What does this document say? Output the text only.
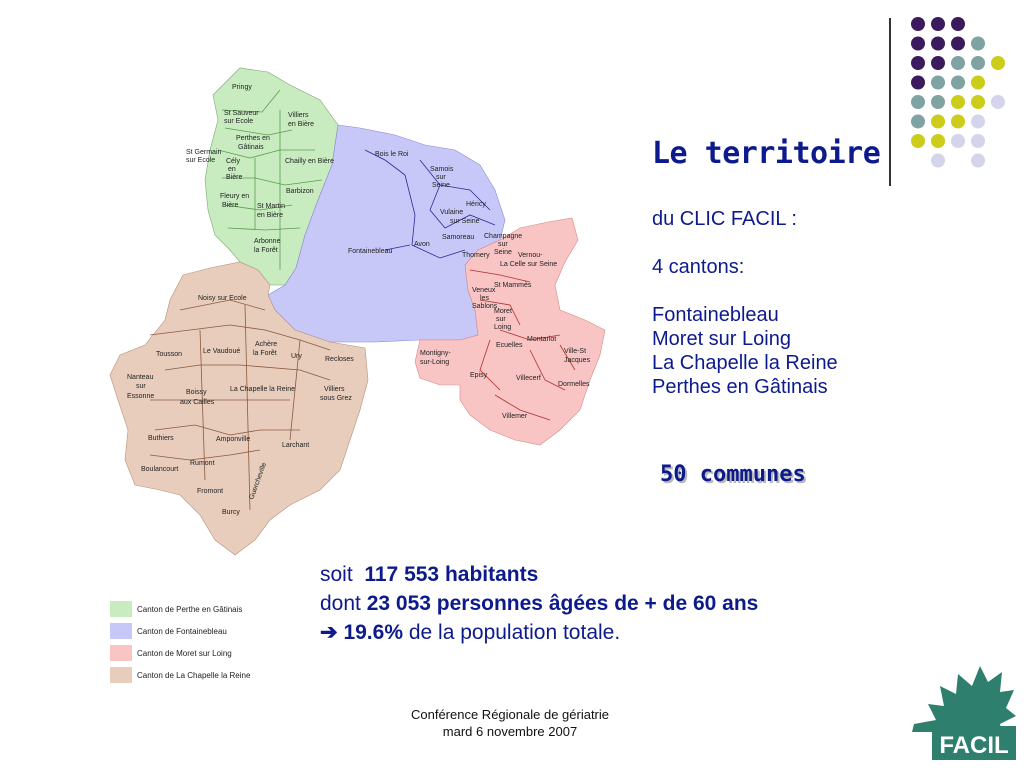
Le territoire
du CLIC FACIL :
4 cantons:
Fontainebleau
Moret sur Loing
La Chapelle la Reine
Perthes en Gâtinais
50 communes
soit 117 553 habitants
dont 23 053 personnes âgées de + de 60 ans
➔ 19.6% de la population totale.
Pringy
St Sauveur
sur Ecole
Villiers
en Bière
Perthes en
Gâtinais
St Germain
sur Ecole Cély
en
Bière
Chailly en Bière
Barbizon
Fleury en
Bière	St Martin
en Bière
Arbonne
la Forêt
Bois le Roi
Samois
sur
Seine
Héricy
Vulaine
sur Seine
Samoreau
Avon
Fontainebleau
Champagne
sur
Seine
Thomery	Vernou-
La Celle sur Seine
St Mammès
Veneux
les
Sablons
Moret
sur
Loing
Montarlot
Ecuelles
Ville-St
Jacques
Montigny-
sur-Loing
Episy	Villecerf
Dormelles
Villemer
Noisy sur Ecole
Achère
la Forêt
Tousson	Le Vaudoué
Ury	Recloses
Nanteau
sur
Essonne
Boissy
aux Cailles
La Chapelle la Reine	Villiers
sous Grez
Buthiers	Amponville
Larchant
Boulancourt
Rumont	Guercheville
Fromont
Burcy
Canton de Perthe en Gâtinais
Canton de Fontainebleau
Canton de Moret sur Loing
Canton de La Chapelle la Reine
Conférence Régionale de gériatrie
mard 6 novembre 2007
FACIL
